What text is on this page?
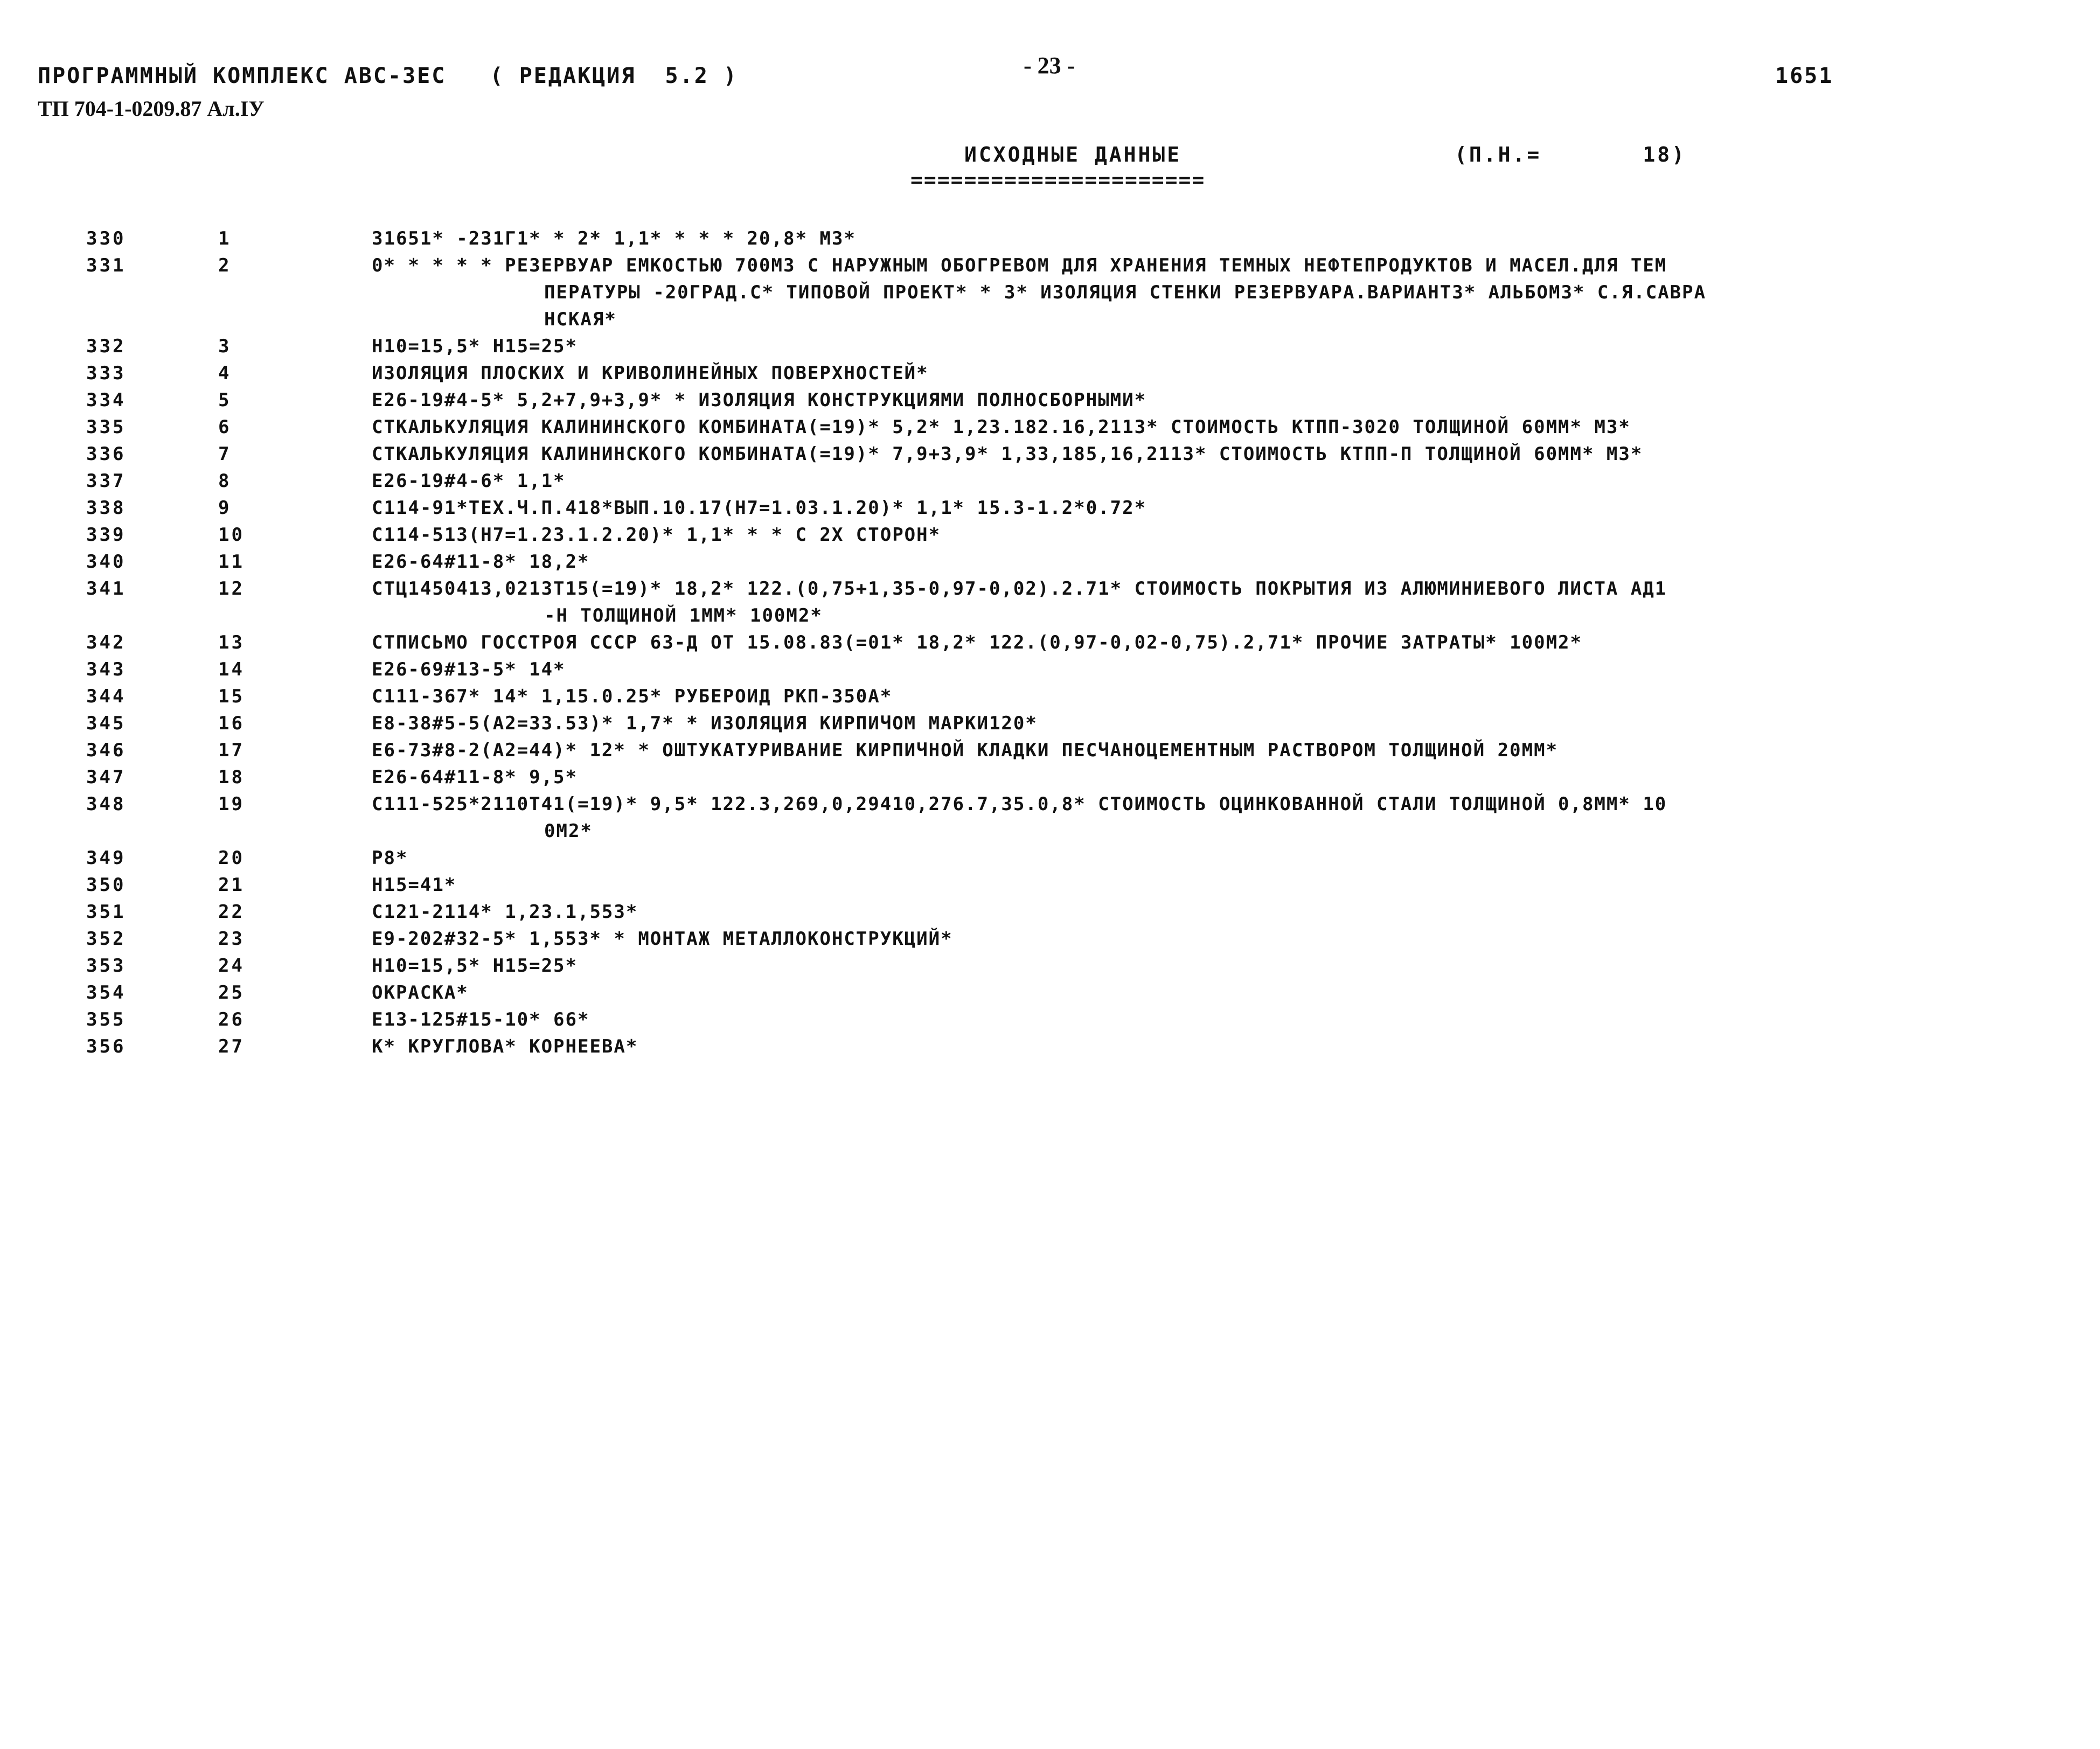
ПРОГРАММНЫЙ КОМПЛЕКС АВС-ЗЕС   ( РЕДАКЦИЯ  5.2 )
ТП 704-1-0209.87 Ал.IУ
- 23 -	1651
ИСХОДНЫЕ ДАННЫЕ
======================
(П.Н.=       18)
330	1	31651* -231Г1* * 2* 1,1* * * * 20,8* М3*
331	2	0* * * * * РЕЗЕРВУАР ЕМКОСТЬЮ 700М3 С НАРУЖНЫМ ОБОГРЕВОМ ДЛЯ ХРАНЕНИЯ ТЕМНЫХ НЕФТЕПРОДУКТОВ И МАСЕЛ.ДЛЯ ТЕМ
ПЕРАТУРЫ -20ГРАД.С* ТИПОВОЙ ПРОЕКТ* * 3* ИЗОЛЯЦИЯ СТЕНКИ РЕЗЕРВУАРА.ВАРИАНТ3* АЛЬБОМ3* С.Я.САВРА
НСКАЯ*
332	3	Н10=15,5* Н15=25*
333	4	ИЗОЛЯЦИЯ ПЛОСКИХ И КРИВОЛИНЕЙНЫХ ПОВЕРХНОСТЕЙ*
334	5	Е26-19#4-5* 5,2+7,9+3,9* * ИЗОЛЯЦИЯ КОНСТРУКЦИЯМИ ПОЛНОСБОРНЫМИ*
335	6	СТКАЛЬКУЛЯЦИЯ КАЛИНИНСКОГО КОМБИНАТА(=19)* 5,2* 1,23.182.16,2113* СТОИМОСТЬ КТПП-3020 ТОЛЩИНОЙ 60ММ* М3*
336	7	СТКАЛЬКУЛЯЦИЯ КАЛИНИНСКОГО КОМБИНАТА(=19)* 7,9+3,9* 1,33,185,16,2113* СТОИМОСТЬ КТПП-П ТОЛЩИНОЙ 60ММ* М3*
337	8	Е26-19#4-6* 1,1*
338	9	С114-91*ТЕХ.Ч.П.418*ВЫП.10.17(Н7=1.03.1.20)* 1,1* 15.3-1.2*0.72*
339	10	С114-513(Н7=1.23.1.2.20)* 1,1* * * С 2Х СТОРОН*
340	11	Е26-64#11-8* 18,2*
341	12	СТЦ1450413,0213Т15(=19)* 18,2* 122.(0,75+1,35-0,97-0,02).2.71* СТОИМОСТЬ ПОКРЫТИЯ ИЗ АЛЮМИНИЕВОГО ЛИСТА АД1
-Н ТОЛЩИНОЙ 1ММ* 100М2*
342	13	СТПИСЬМО ГОССТРОЯ СССР 63-Д ОТ 15.08.83(=01* 18,2* 122.(0,97-0,02-0,75).2,71* ПРОЧИЕ ЗАТРАТЫ* 100М2*
343	14	Е26-69#13-5* 14*
344	15	С111-367* 14* 1,15.0.25* РУБЕРОИД РКП-350А*
345	16	Е8-38#5-5(А2=33.53)* 1,7* * ИЗОЛЯЦИЯ КИРПИЧОМ МАРКИ120*
346	17	Е6-73#8-2(А2=44)* 12* * ОШТУКАТУРИВАНИЕ КИРПИЧНОЙ КЛАДКИ ПЕСЧАНОЦЕМЕНТНЫМ РАСТВОРОМ ТОЛЩИНОЙ 20ММ*
347	18	Е26-64#11-8* 9,5*
348	19	С111-525*2110Т41(=19)* 9,5* 122.3,269,0,29410,276.7,35.0,8* СТОИМОСТЬ ОЦИНКОВАННОЙ СТАЛИ ТОЛЩИНОЙ 0,8ММ* 10
0М2*
349	20	Р8*
350	21	Н15=41*
351	22	С121-2114* 1,23.1,553*
352	23	Е9-202#32-5* 1,553* * МОНТАЖ МЕТАЛЛОКОНСТРУКЦИЙ*
353	24	Н10=15,5* Н15=25*
354	25	ОКРАСКА*
355	26	Е13-125#15-10* 66*
356	27	К* КРУГЛОВА* КОРНЕЕВА*
